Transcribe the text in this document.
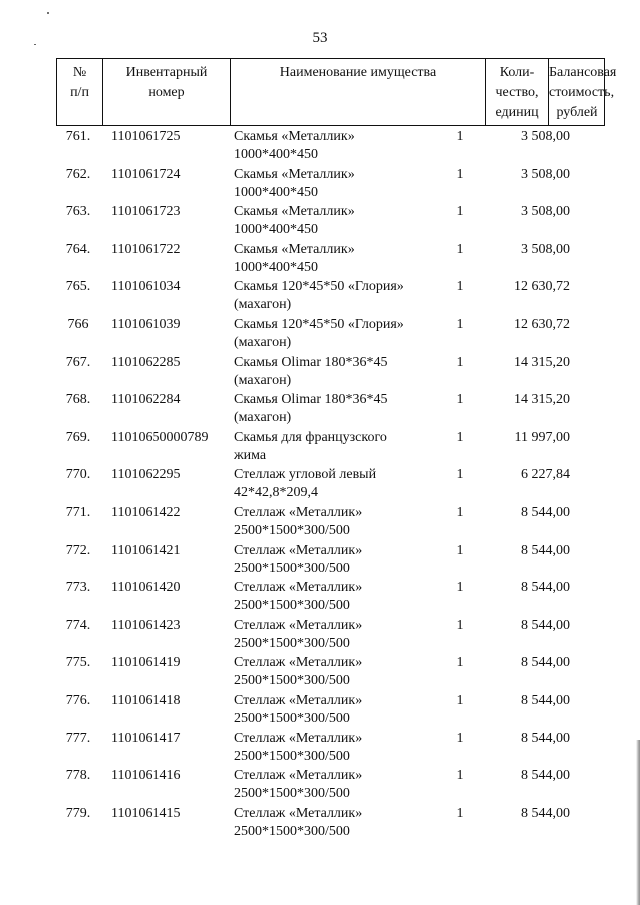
53
№
п/п
Инвентарный
номер
Наименование имущества	Коли-
чество,
единиц
Балансовая
стоимость,
рублей
761.	1101061725	Скамья «Металлик»
1000*400*450
1	3 508,00
762.	1101061724	Скамья «Металлик»
1000*400*450
1	3 508,00
763.	1101061723	Скамья «Металлик»
1000*400*450
1	3 508,00
764.	1101061722	Скамья «Металлик»
1000*400*450
1	3 508,00
765.	1101061034	Скамья 120*45*50 «Глория»
(махагон)
1	12 630,72
766	1101061039	Скамья 120*45*50 «Глория»
(махагон)
1	12 630,72
767.	1101062285	Скамья Olimar 180*36*45
(махагон)
1	14 315,20
768.	1101062284	Скамья Olimar 180*36*45
(махагон)
1	14 315,20
769.	11010650000789 Скамья для французского
жима
1	11 997,00
770.	1101062295	Стеллаж угловой левый
42*42,8*209,4
1	6 227,84
771.	1101061422	Стеллаж «Металлик»
2500*1500*300/500
1	8 544,00
772.	1101061421	Стеллаж «Металлик»
2500*1500*300/500
1	8 544,00
773.	1101061420	Стеллаж «Металлик»
2500*1500*300/500
1	8 544,00
774.	1101061423	Стеллаж «Металлик»
2500*1500*300/500
1	8 544,00
775.	1101061419	Стеллаж «Металлик»
2500*1500*300/500
1	8 544,00
776.	1101061418	Стеллаж «Металлик»
2500*1500*300/500
1	8 544,00
777.	1101061417	Стеллаж «Металлик»
2500*1500*300/500
1	8 544,00
778.	1101061416	Стеллаж «Металлик»
2500*1500*300/500
1	8 544,00
779.	1101061415	Стеллаж «Металлик»
2500*1500*300/500
1	8 544,00
